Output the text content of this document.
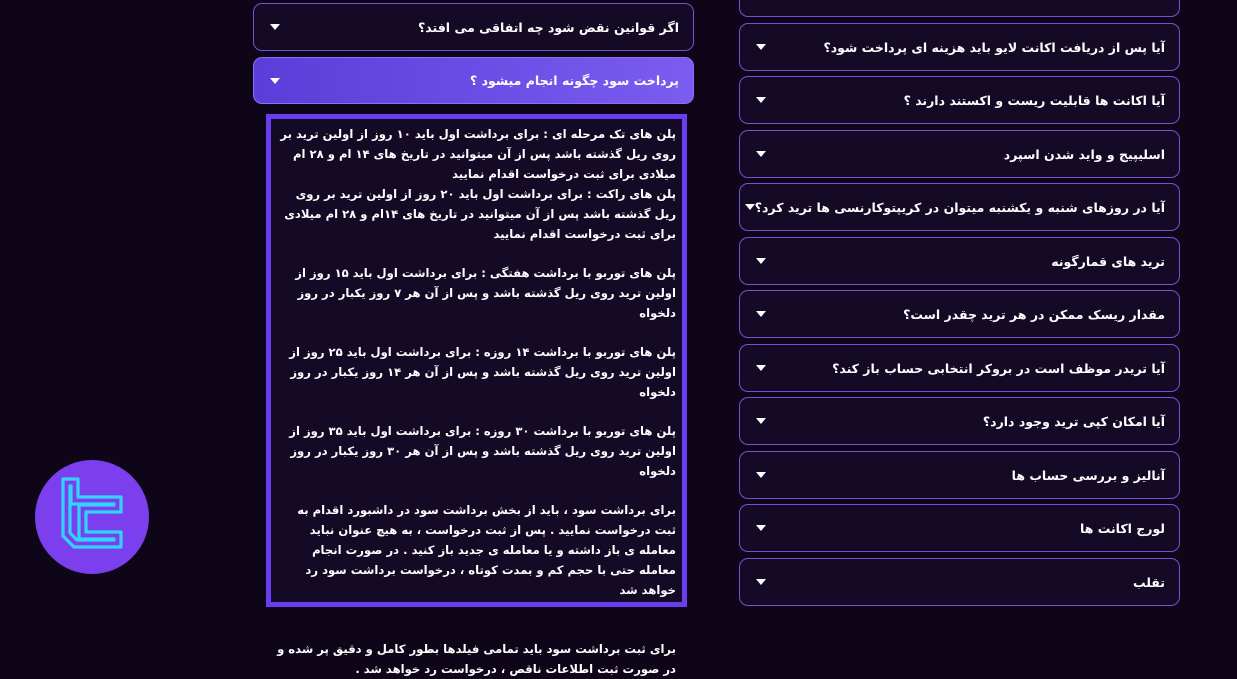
اگر قوانین نقض شود چه اتفاقی می افتد؟
پرداخت سود چگونه انجام میشود ؟
پلن های تک مرحله ای : برای برداشت اول باید ۱۰ روز از اولین ترید بر روی ریل گذشته باشد پس از آن میتوانید در تاریخ های ۱۴ ام و ۲۸ ام میلادی برای ثبت درخواست اقدام نمایید

پلن های راکت : برای برداشت اول باید ۲۰ روز از اولین ترید بر روی ریل گذشته باشد پس از آن میتوانید در تاریخ های ۱۴ام و ۲۸ ام میلادی برای ثبت درخواست اقدام نمایید

پلن های توربو با برداشت هفتگی : برای برداشت اول باید ۱۵ روز از اولین ترید روی ریل گذشته باشد و پس از آن هر ۷ روز یکبار در روز دلخواه

پلن های توربو با برداشت ۱۴ روزه : برای برداشت اول باید ۲۵ روز از اولین ترید روی ریل گذشته باشد و پس از آن هر ۱۴ روز یکبار در روز دلخواه

پلن های توربو با برداشت ۳۰ روزه : برای برداشت اول باید ۳۵ روز از اولین ترید روی ریل گذشته باشد و پس از آن هر ۳۰ روز یکبار در روز دلخواه

برای برداشت سود ، باید از بخش برداشت سود در داشبورد اقدام به ثبت درخواست نمایید . پس از ثبت درخواست ، به هیچ عنوان نباید معامله ی باز داشته و یا معامله ی جدید باز کنید . در صورت انجام معامله حتی با حجم کم و بمدت کوتاه ، درخواست برداشت سود رد خواهد شد

برای ثبت برداشت سود باید تمامی فیلدها بطور کامل و دقیق پر شده و در صورت ثبت اطلاعات ناقص ، درخواست رد خواهد شد .

آیا پس از دریافت اکانت لایو باید هزینه ای پرداخت شود؟
آیا اکانت ها قابلیت ریست و اکستند دارند ؟
اسلیپیج و واید شدن اسپرد
آیا در روزهای شنبه و یکشنبه میتوان در کریپتوکارنسی ها ترید کرد؟
ترید های قمارگونه
مقدار ریسک ممکن در هر ترید چقدر است؟
آیا تریدر موظف است در بروکر انتخابی حساب باز کند؟
آیا امکان کپی ترید وجود دارد؟
آنالیز و بررسی حساب ها
لورج اکانت ها
تقلب
